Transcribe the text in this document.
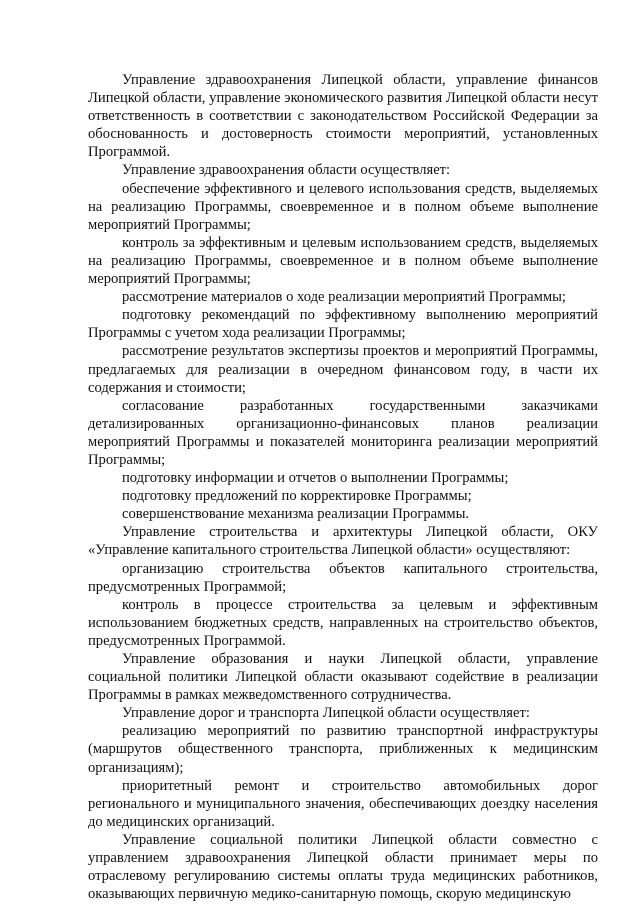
Управление здравоохранения Липецкой области, управление финансов Липецкой области, управление экономического развития Липецкой области несут ответственность в соответствии с законодательством Российской Федерации за обоснованность и достоверность стоимости мероприятий, установленных Программой.

Управление здравоохранения области осуществляет:

обеспечение эффективного и целевого использования средств, выделяемых на реализацию Программы, своевременное и в полном объеме выполнение мероприятий Программы;

контроль за эффективным и целевым использованием средств, выделяемых на реализацию Программы, своевременное и в полном объеме выполнение мероприятий Программы;

рассмотрение материалов о ходе реализации мероприятий Программы;

подготовку рекомендаций по эффективному выполнению мероприятий Программы с учетом хода реализации Программы;

рассмотрение результатов экспертизы проектов и мероприятий Программы, предлагаемых для реализации в очередном финансовом году, в части их содержания и стоимости;

согласование разработанных государственными заказчиками детализированных организационно-финансовых планов реализации мероприятий Программы и показателей мониторинга реализации мероприятий Программы;

подготовку информации и отчетов о выполнении Программы;

подготовку предложений по корректировке Программы;

совершенствование механизма реализации Программы.

Управление строительства и архитектуры Липецкой области, ОКУ «Управление капитального строительства Липецкой области» осуществляют:

организацию строительства объектов капитального строительства, предусмотренных Программой;

контроль в процессе строительства за целевым и эффективным использованием бюджетных средств, направленных на строительство объектов, предусмотренных Программой.

Управление образования и науки Липецкой области, управление социальной политики Липецкой области оказывают содействие в реализации Программы в рамках межведомственного сотрудничества.

Управление дорог и транспорта Липецкой области осуществляет:

реализацию мероприятий по развитию транспортной инфраструктуры (маршрутов общественного транспорта, приближенных к медицинским организациям);

приоритетный ремонт и строительство автомобильных дорог регионального и муниципального значения, обеспечивающих доездку населения до медицинских организаций.

Управление социальной политики Липецкой области совместно с управлением здравоохранения Липецкой области принимает меры по отраслевому регулированию системы оплаты труда медицинских работников, оказывающих первичную медико-санитарную помощь, скорую медицинскую
